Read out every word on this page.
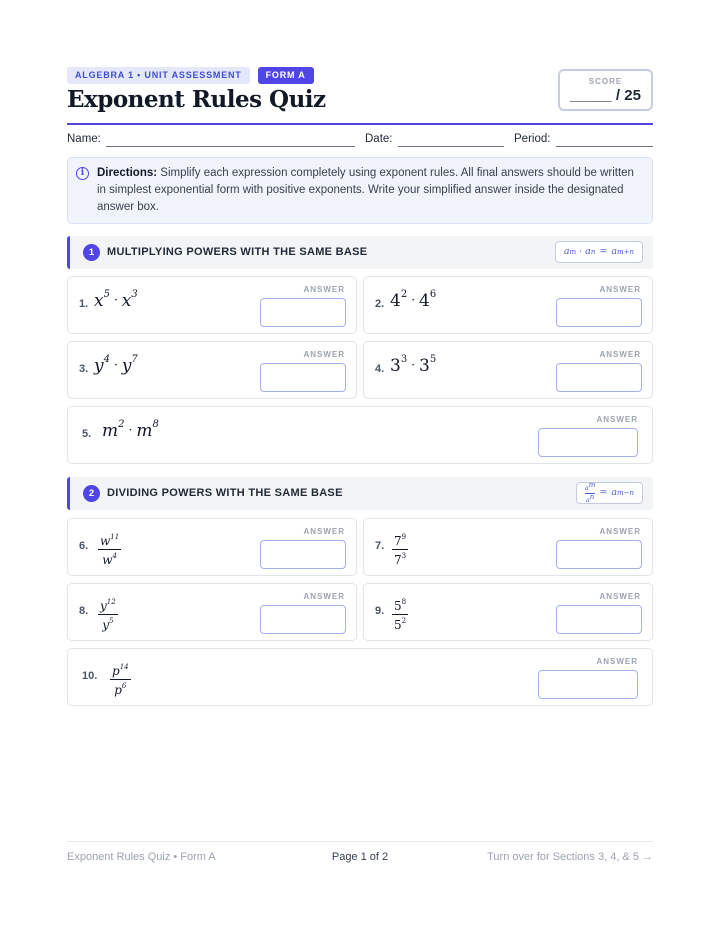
ALGEBRA 1 • UNIT ASSESSMENT	FORM A
Exponent Rules Quiz
SCORE
_____ / 25
Name:	Date:	Period:
i	Directions: Simplify each expression completely using exponent rules. All final answers should be written in simplest exponential form with positive exponents. Write your simplified answer inside the designated answer box.
1	MULTIPLYING POWERS WITH THE SAME BASE	a m · a n = a m+n
1. $x^5 \cdot x^3$	ANSWER
2. $4^2 \cdot 4^6$	ANSWER
3. $y^4 \cdot y^7$	ANSWER
4. $3^3 \cdot 3^5$	ANSWER
5. $m^2 \cdot m^8$	ANSWER
2	DIVIDING POWERS WITH THE SAME BASE	$\frac{a^m}{a^n} = a$ m−n
6. $w^{11}$
$w^4$
ANSWER
7. $7^9$
$7^3$
ANSWER
8. $y^{12}$
$y^5$
ANSWER
9. $5^8$
$5^2$
ANSWER
10. $p^{14}$
$p^6$
ANSWER
Exponent Rules Quiz • Form A	Page 1 of 2	Turn over for Sections 3, 4, & 5 →
